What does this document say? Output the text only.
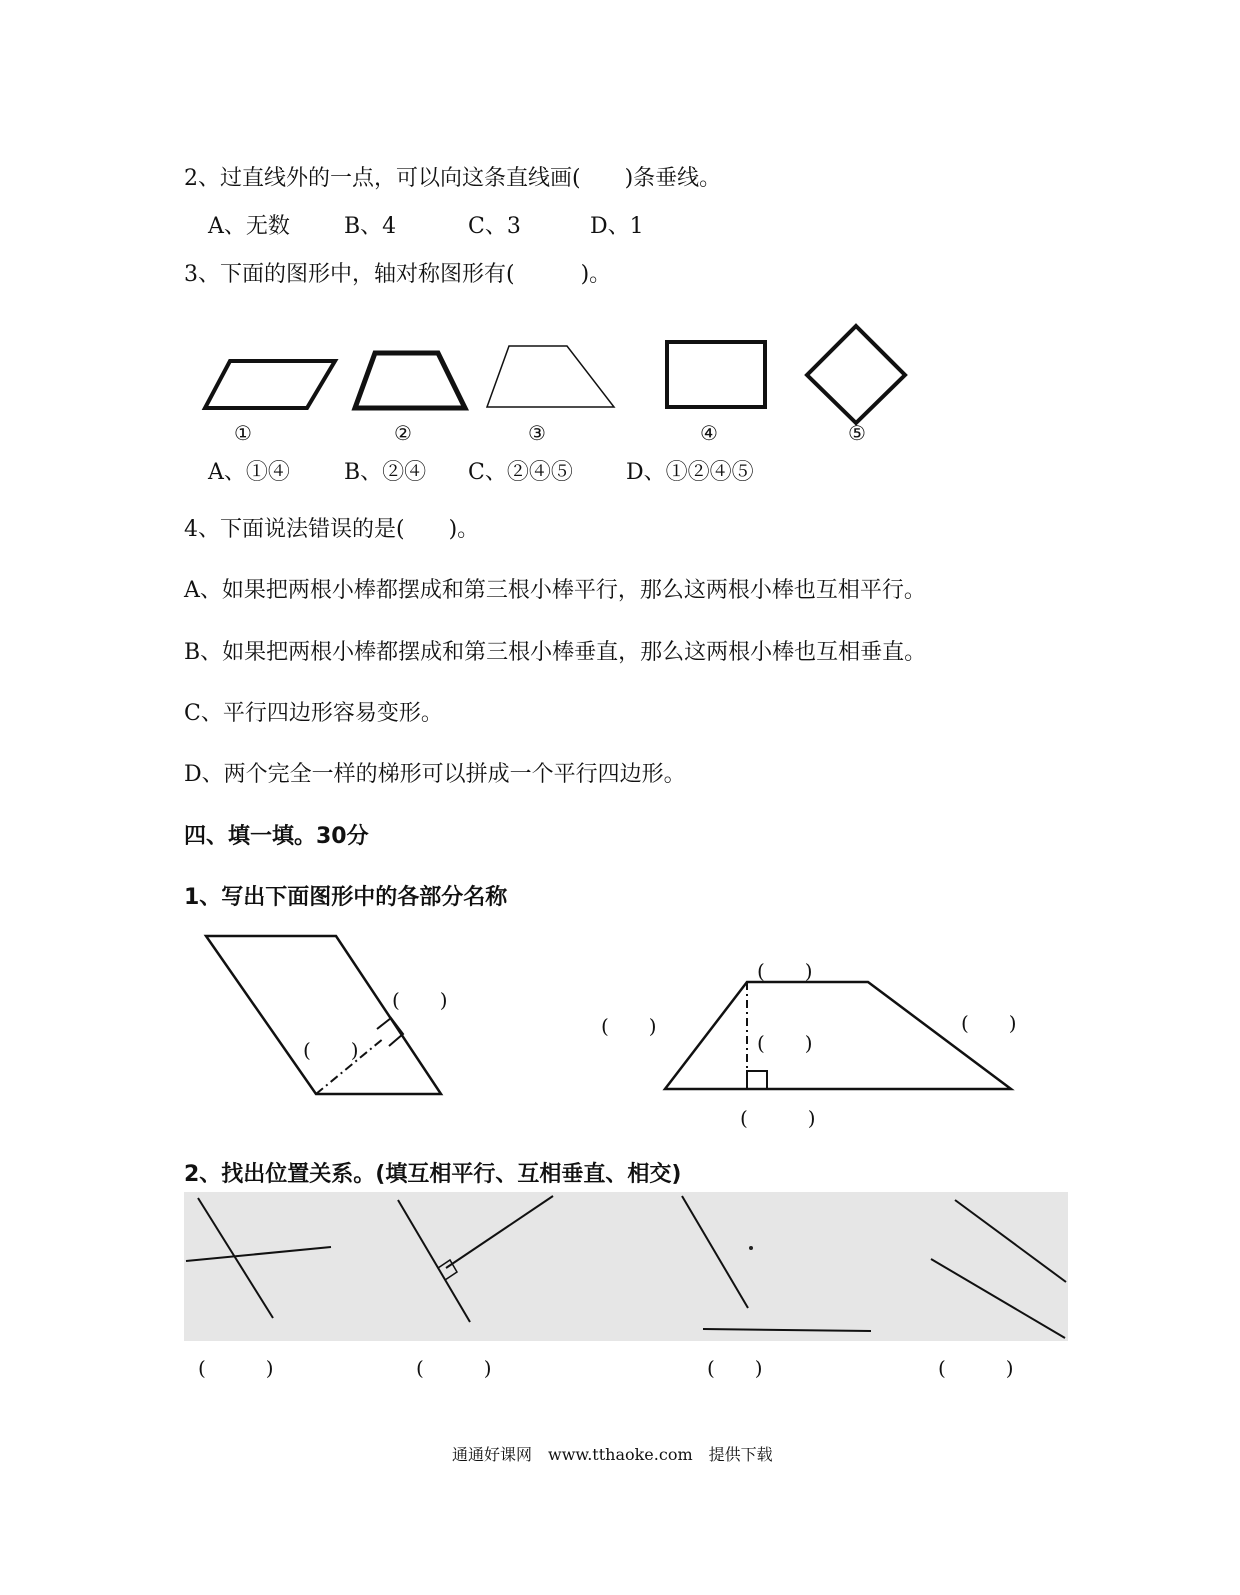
2、过直线外的一点，可以向这条直线画(　　)条垂线。
A、无数 B、4	C、3	D、1
3、下面的图形中，轴对称图形有(　　　)。
①	②	③	④	⑤
A、①④ B、②④ C、②④⑤ D、①②④⑤
4、下面说法错误的是(　　)。
A、如果把两根小棒都摆成和第三根小棒平行，那么这两根小棒也互相平行。
B、如果把两根小棒都摆成和第三根小棒垂直，那么这两根小棒也互相垂直。
C、平行四边形容易变形。
D、两个完全一样的梯形可以拼成一个平行四边形。
四、填一填。30分
1、写出下面图形中的各部分名称
(　　)
(　　)
(　　)
(　　)
(　　)
(　　)
(　　　)
2、找出位置关系。(填互相平行、互相垂直、相交)
(　　　)	(　　　)	(　　)	(　　　)
通通好课网　www.tthaoke.com　提供下载
